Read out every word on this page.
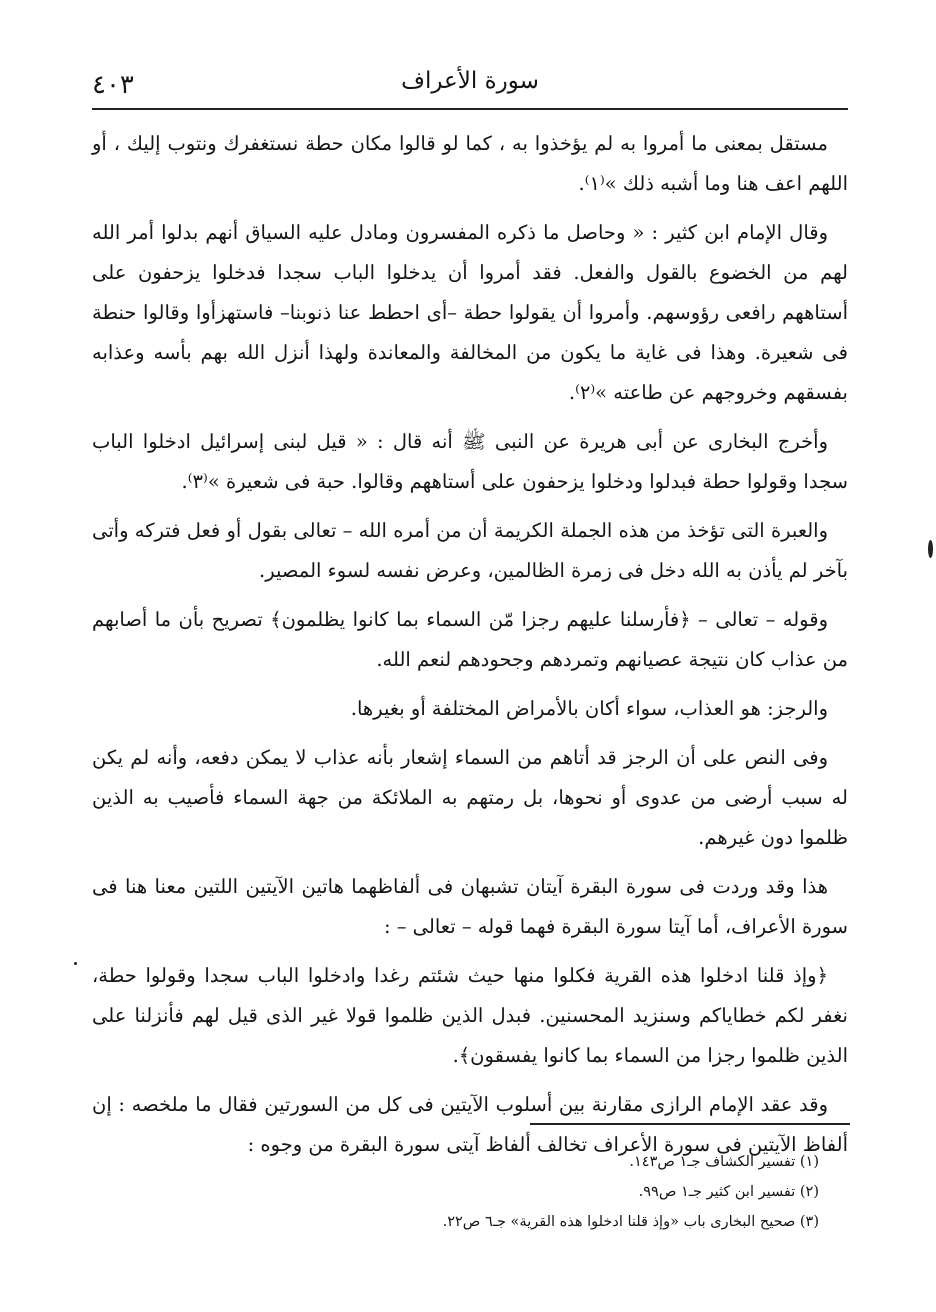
٤٠٣	سورة الأعراف

مستقل بمعنى ما أمروا به لم يؤخذوا به ، كما لو قالوا مكان حطة نستغفرك ونتوب إليك ، أو اللهم اعف هنا وما أشبه ذلك »⁽١⁾.

وقال الإمام ابن كثير : « وحاصل ما ذكره المفسرون ومادل عليه السياق أنهم بدلوا أمر الله لهم من الخضوع بالقول والفعل. فقد أمروا أن يدخلوا الباب سجدا فدخلوا يزحفون على أستاههم رافعى رؤوسهم. وأمروا أن يقولوا حطة –أى احطط عنا ذنوبنا– فاستهزأوا وقالوا حنطة فى شعيرة. وهذا فى غاية ما يكون من المخالفة والمعاندة ولهذا أنزل الله بهم بأسه وعذابه بفسقهم وخروجهم عن طاعته »⁽٢⁾.

وأخرج البخارى عن أبى هريرة عن النبى ﷺ أنه قال : « قيل لبنى إسرائيل ادخلوا الباب سجدا وقولوا حطة فبدلوا ودخلوا يزحفون على أستاههم وقالوا. حبة فى شعيرة »⁽٣⁾.

والعبرة التى تؤخذ من هذه الجملة الكريمة أن من أمره الله – تعالى بقول أو فعل فتركه وأتى بآخر لم يأذن به الله دخل فى زمرة الظالمين، وعرض نفسه لسوء المصير.

وقوله – تعالى – ﴿فأرسلنا عليهم رجزا مّن السماء بما كانوا يظلمون﴾ تصريح بأن ما أصابهم من عذاب كان نتيجة عصيانهم وتمردهم وجحودهم لنعم الله.

والرجز: هو العذاب، سواء أكان بالأمراض المختلفة أو بغيرها.

وفى النص على أن الرجز قد أتاهم من السماء إشعار بأنه عذاب لا يمكن دفعه، وأنه لم يكن له سبب أرضى من عدوى أو نحوها، بل رمتهم به الملائكة من جهة السماء فأصيب به الذين ظلموا دون غيرهم.

هذا وقد وردت فى سورة البقرة آيتان تشبهان فى ألفاظهما هاتين الآيتين اللتين معنا هنا فى سورة الأعراف، أما آيتا سورة البقرة فهما قوله – تعالى – :

﴿وإذ قلنا ادخلوا هذه القرية فكلوا منها حيث شئتم رغدا وادخلوا الباب سجدا وقولوا حطة، نغفر لكم خطاياكم وسنزيد المحسنين. فبدل الذين ظلموا قولا غير الذى قيل لهم فأنزلنا على الذين ظلموا رجزا من السماء بما كانوا يفسقون﴾.

وقد عقد الإمام الرازى مقارنة بين أسلوب الآيتين فى كل من السورتين فقال ما ملخصه : إن ألفاظ الآيتين فى سورة الأعراف تخالف ألفاظ آيتى سورة البقرة من وجوه :

(١) تفسير الكشاف جـ١ ص١٤٣.

(٢) تفسير ابن كثير جـ١ ص٩٩.

(٣) صحيح البخارى باب «وإذ قلنا ادخلوا هذه القرية» جـ٦ ص٢٢.
